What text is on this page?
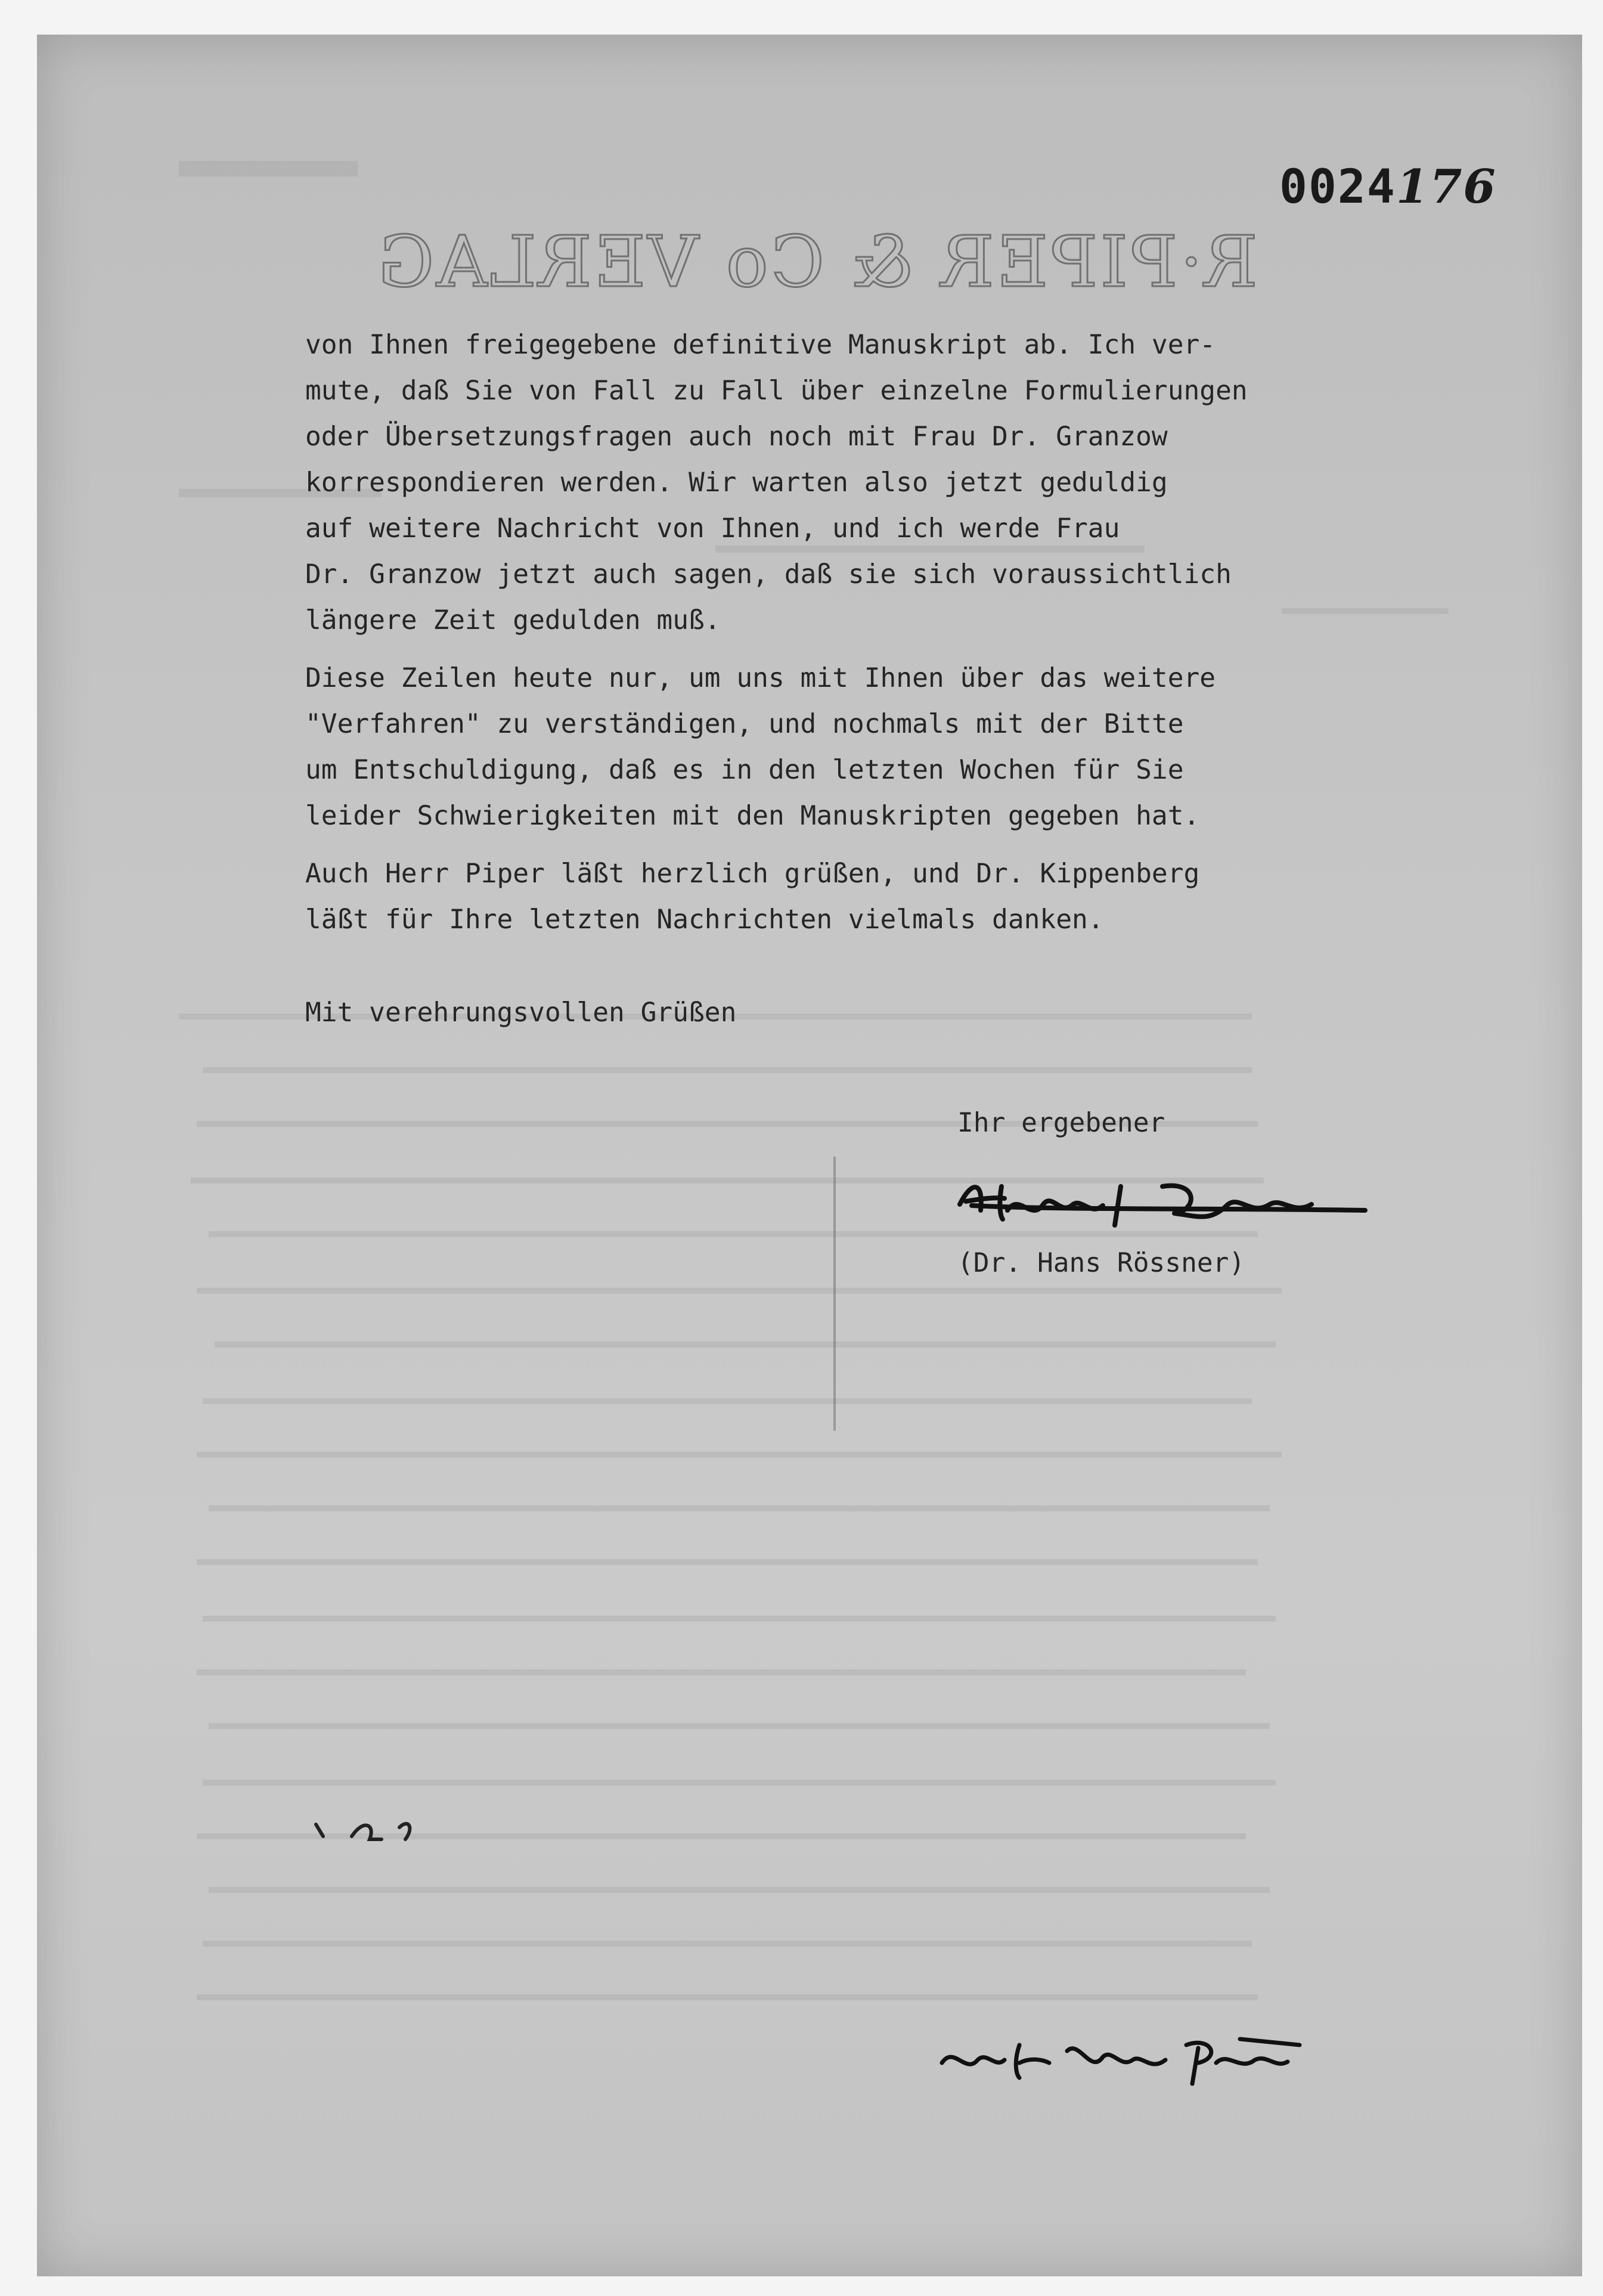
0024176
R·PIPER & Co VERLAG
von Ihnen freigegebene definitive Manuskript ab. Ich ver-
mute, daß Sie von Fall zu Fall über einzelne Formulierungen
oder Übersetzungsfragen auch noch mit Frau Dr. Granzow
korrespondieren werden. Wir warten also jetzt geduldig
auf weitere Nachricht von Ihnen, und ich werde Frau
Dr. Granzow jetzt auch sagen, daß sie sich voraussichtlich
längere Zeit gedulden muß.
Diese Zeilen heute nur, um uns mit Ihnen über das weitere
"Verfahren" zu verständigen, und nochmals mit der Bitte
um Entschuldigung, daß es in den letzten Wochen für Sie
leider Schwierigkeiten mit den Manuskripten gegeben hat.
Auch Herr Piper läßt herzlich grüßen, und Dr. Kippenberg
läßt für Ihre letzten Nachrichten vielmals danken.
Mit verehrungsvollen Grüßen
Ihr ergebener
(Dr. Hans Rössner)
